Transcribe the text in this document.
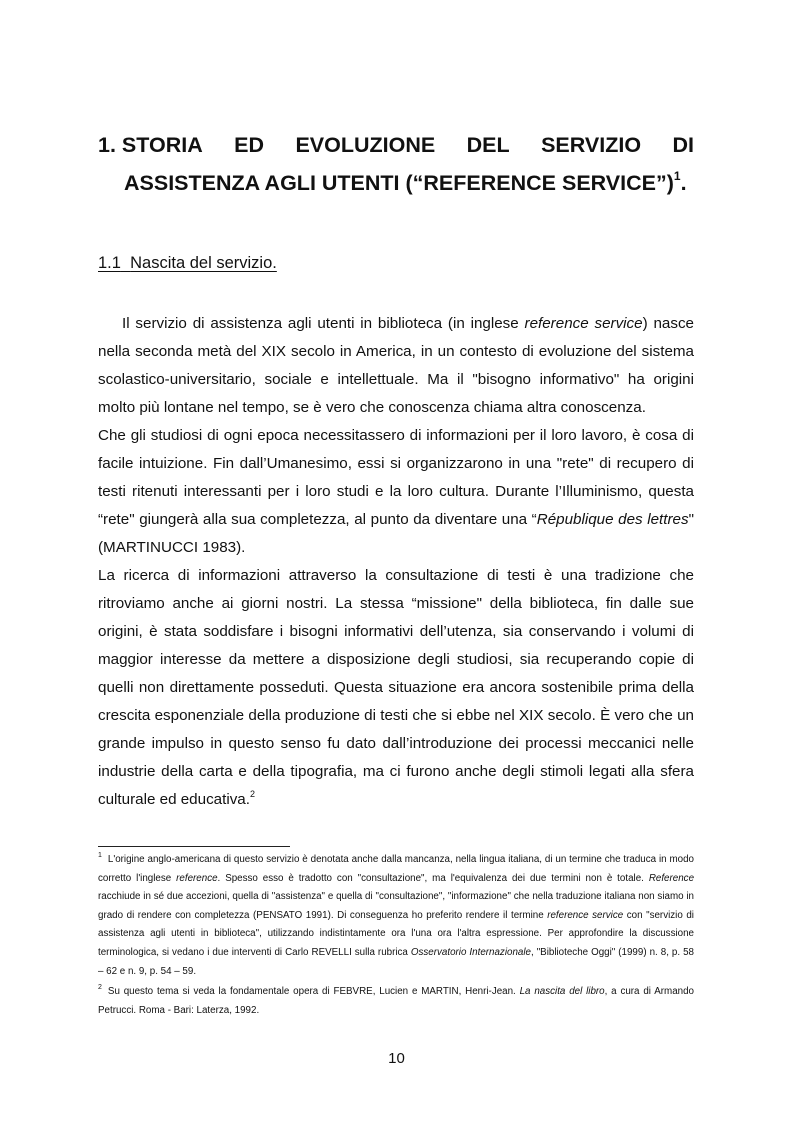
1. STORIA ED EVOLUZIONE DEL SERVIZIO DI
ASSISTENZA AGLI UTENTI (“REFERENCE SERVICE”)$^1$.
1.1 Nascita del servizio.

Il servizio di assistenza agli utenti in biblioteca (in inglese reference service) nasce nella seconda metà del XIX secolo in America, in un contesto di evoluzione del sistema scolastico-universitario, sociale e intellettuale. Ma il "bisogno informativo" ha origini molto più lontane nel tempo, se è vero che conoscenza chiama altra conoscenza.

Che gli studiosi di ogni epoca necessitassero di informazioni per il loro lavoro, è cosa di facile intuizione. Fin dall’Umanesimo, essi si organizzarono in una "rete" di recupero di testi ritenuti interessanti per i loro studi e la loro cultura. Durante l’Illuminismo, questa “rete" giungerà alla sua completezza, al punto da diventare una “République des lettres" (MARTINUCCI 1983).

La ricerca di informazioni attraverso la consultazione di testi è una tradizione che ritroviamo anche ai giorni nostri. La stessa “missione" della biblioteca, fin dalle sue origini, è stata soddisfare i bisogni informativi dell’utenza, sia conservando i volumi di maggior interesse da mettere a disposizione degli studiosi, sia recuperando copie di quelli non direttamente posseduti. Questa situazione era ancora sostenibile prima della crescita esponenziale della produzione di testi che si ebbe nel XIX secolo. È vero che un grande impulso in questo senso fu dato dall’introduzione dei processi meccanici nelle industrie della carta e della tipografia, ma ci furono anche degli stimoli legati alla sfera culturale ed educativa.$^2$

$^1$ L'origine anglo-americana di questo servizio è denotata anche dalla mancanza, nella lingua italiana, di un termine che traduca in modo corretto l'inglese reference. Spesso esso è tradotto con "consultazione", ma l'equivalenza dei due termini non è totale. Reference racchiude in sé due accezioni, quella di "assistenza" e quella di "consultazione", "informazione" che nella traduzione italiana non siamo in grado di rendere con completezza (PENSATO 1991). Di conseguenza ho preferito rendere il termine reference service con "servizio di assistenza agli utenti in biblioteca", utilizzando indistintamente ora l'una ora l'altra espressione. Per approfondire la discussione terminologica, si vedano i due interventi di Carlo REVELLI sulla rubrica Osservatorio Internazionale, "Biblioteche Oggi" (1999) n. 8, p. 58 – 62 e n. 9, p. 54 – 59.

$^2$ Su questo tema si veda la fondamentale opera di FEBVRE, Lucien e MARTIN, Henri-Jean. La nascita del libro, a cura di Armando Petrucci. Roma - Bari: Laterza, 1992.

10
